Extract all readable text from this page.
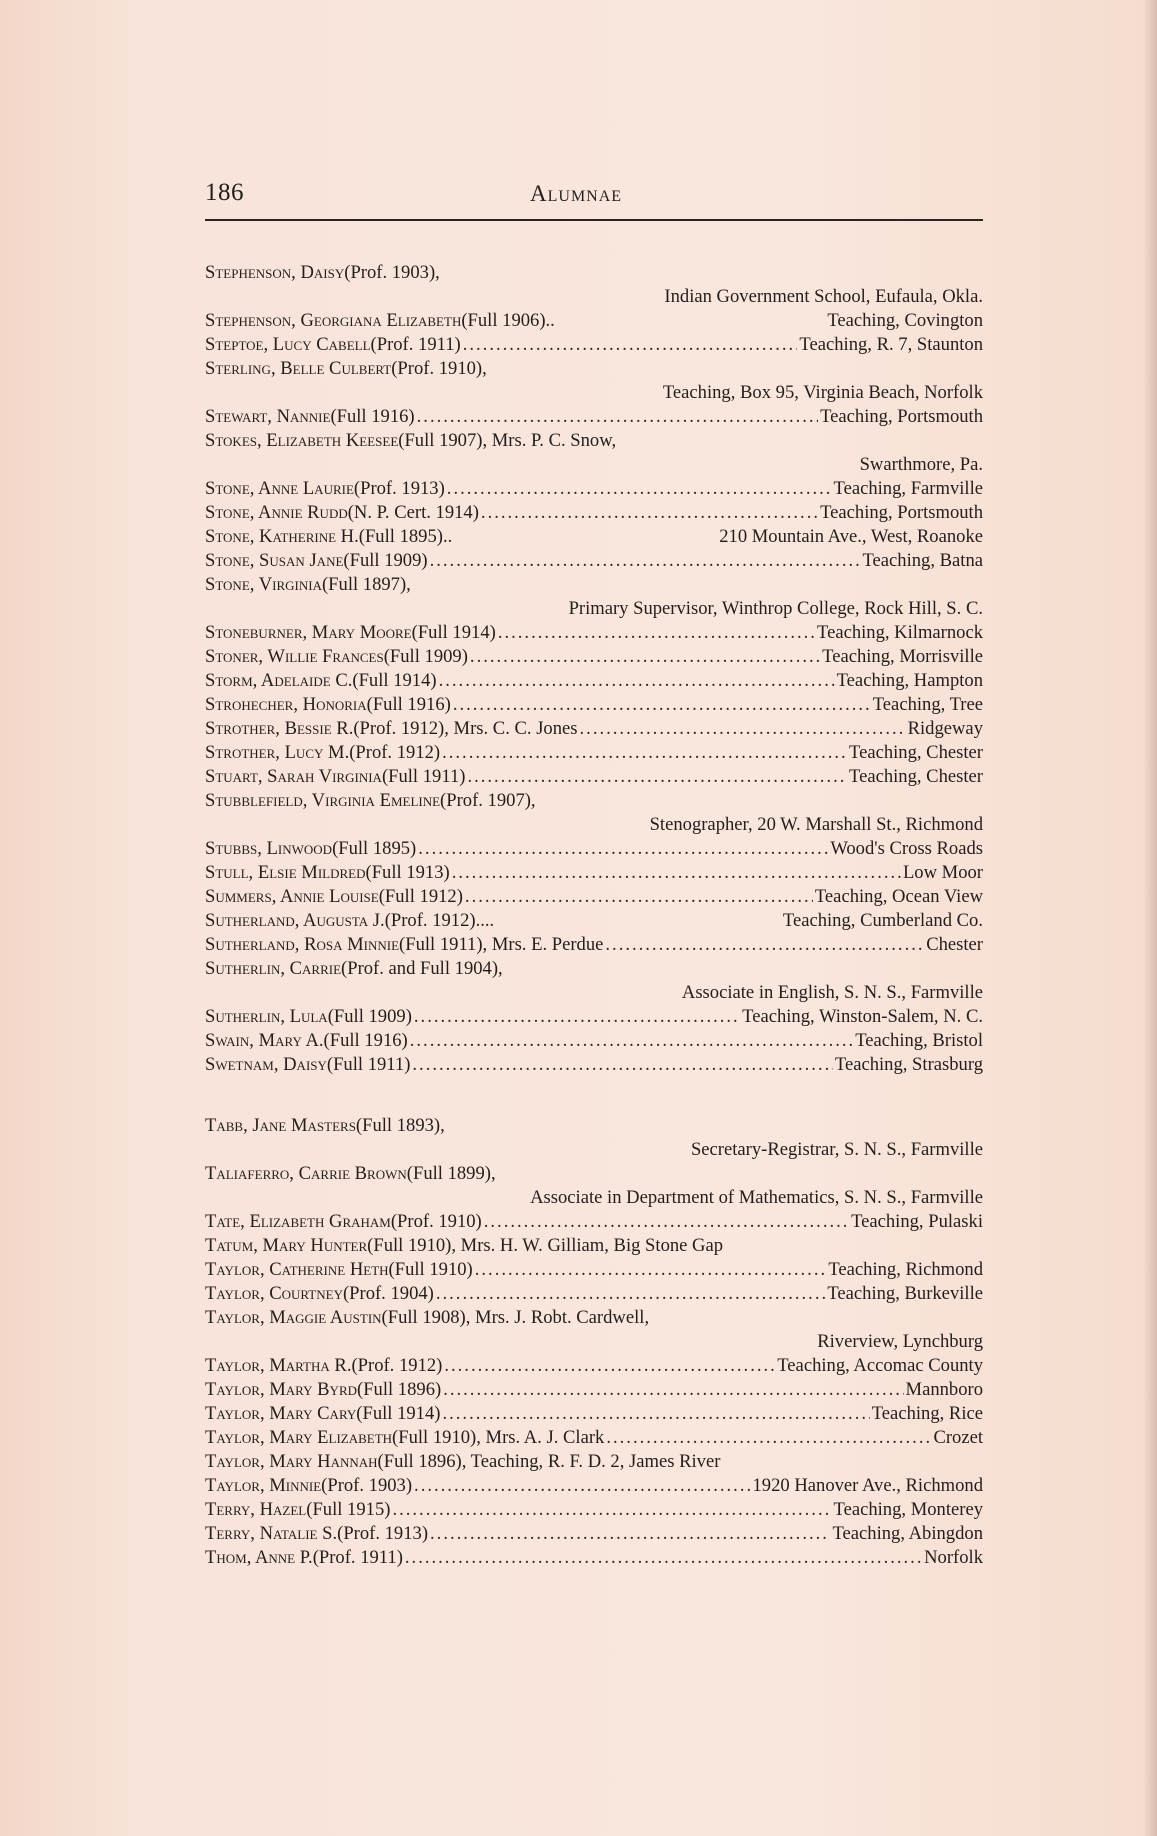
186	Alumnae
Stephenson, Daisy (Prof. 1903),
Indian Government School, Eufaula, Okla.
Stephenson, Georgiana Elizabeth (Full 1906)..	Teaching, Covington
Steptoe, Lucy Cabell (Prof. 1911) .....	Teaching, R. 7, Staunton
Sterling, Belle Culbert (Prof. 1910),
Teaching, Box 95, Virginia Beach, Norfolk
Stewart, Nannie (Full 1916) .....	Teaching, Portsmouth
Stokes, Elizabeth Keesee (Full 1907), Mrs. P. C. Snow,
Swarthmore, Pa.
Stone, Anne Laurie (Prof. 1913) .....	Teaching, Farmville
Stone, Annie Rudd (N. P. Cert. 1914) .....	Teaching, Portsmouth
Stone, Katherine H. (Full 1895)..	210 Mountain Ave., West, Roanoke
Stone, Susan Jane (Full 1909) .....	Teaching, Batna
Stone, Virginia (Full 1897),
Primary Supervisor, Winthrop College, Rock Hill, S. C.
Stoneburner, Mary Moore (Full 1914) .....	Teaching, Kilmarnock
Stoner, Willie Frances (Full 1909) .....	Teaching, Morrisville
Storm, Adelaide C. (Full 1914) .....	Teaching, Hampton
Strohecher, Honoria (Full 1916) .....	Teaching, Tree
Strother, Bessie R. (Prof. 1912), Mrs. C. C. Jones .....	Ridgeway
Strother, Lucy M. (Prof. 1912) .....	Teaching, Chester
Stuart, Sarah Virginia (Full 1911) .....	Teaching, Chester
Stubblefield, Virginia Emeline (Prof. 1907),
Stenographer, 20 W. Marshall St., Richmond
Stubbs, Linwood (Full 1895) .....	Wood's Cross Roads
Stull, Elsie Mildred (Full 1913) .....	Low Moor
Summers, Annie Louise (Full 1912) .....	Teaching, Ocean View
Sutherland, Augusta J. (Prof. 1912)....	Teaching, Cumberland Co.
Sutherland, Rosa Minnie (Full 1911), Mrs. E. Perdue .....	Chester
Sutherlin, Carrie (Prof. and Full 1904),
Associate in English, S. N. S., Farmville
Sutherlin, Lula (Full 1909) .....	Teaching, Winston-Salem, N. C.
Swain, Mary A. (Full 1916) .....	Teaching, Bristol
Swetnam, Daisy (Full 1911) .....	Teaching, Strasburg
Tabb, Jane Masters (Full 1893),
Secretary-Registrar, S. N. S., Farmville
Taliaferro, Carrie Brown (Full 1899),
Associate in Department of Mathematics, S. N. S., Farmville
Tate, Elizabeth Graham (Prof. 1910) .....	Teaching, Pulaski
Tatum, Mary Hunter (Full 1910), Mrs. H. W. Gilliam, Big Stone Gap
Taylor, Catherine Heth (Full 1910) .....	Teaching, Richmond
Taylor, Courtney (Prof. 1904) .....	Teaching, Burkeville
Taylor, Maggie Austin (Full 1908), Mrs. J. Robt. Cardwell,
Riverview, Lynchburg
Taylor, Martha R. (Prof. 1912) .....	Teaching, Accomac County
Taylor, Mary Byrd (Full 1896) .....	Mannboro
Taylor, Mary Cary (Full 1914) .....	Teaching, Rice
Taylor, Mary Elizabeth (Full 1910), Mrs. A. J. Clark .....	Crozet
Taylor, Mary Hannah (Full 1896), Teaching, R. F. D. 2, James River
Taylor, Minnie (Prof. 1903) .....	1920 Hanover Ave., Richmond
Terry, Hazel (Full 1915) .....	Teaching, Monterey
Terry, Natalie S. (Prof. 1913) .....	Teaching, Abingdon
Thom, Anne P. (Prof. 1911) .....	Norfolk
